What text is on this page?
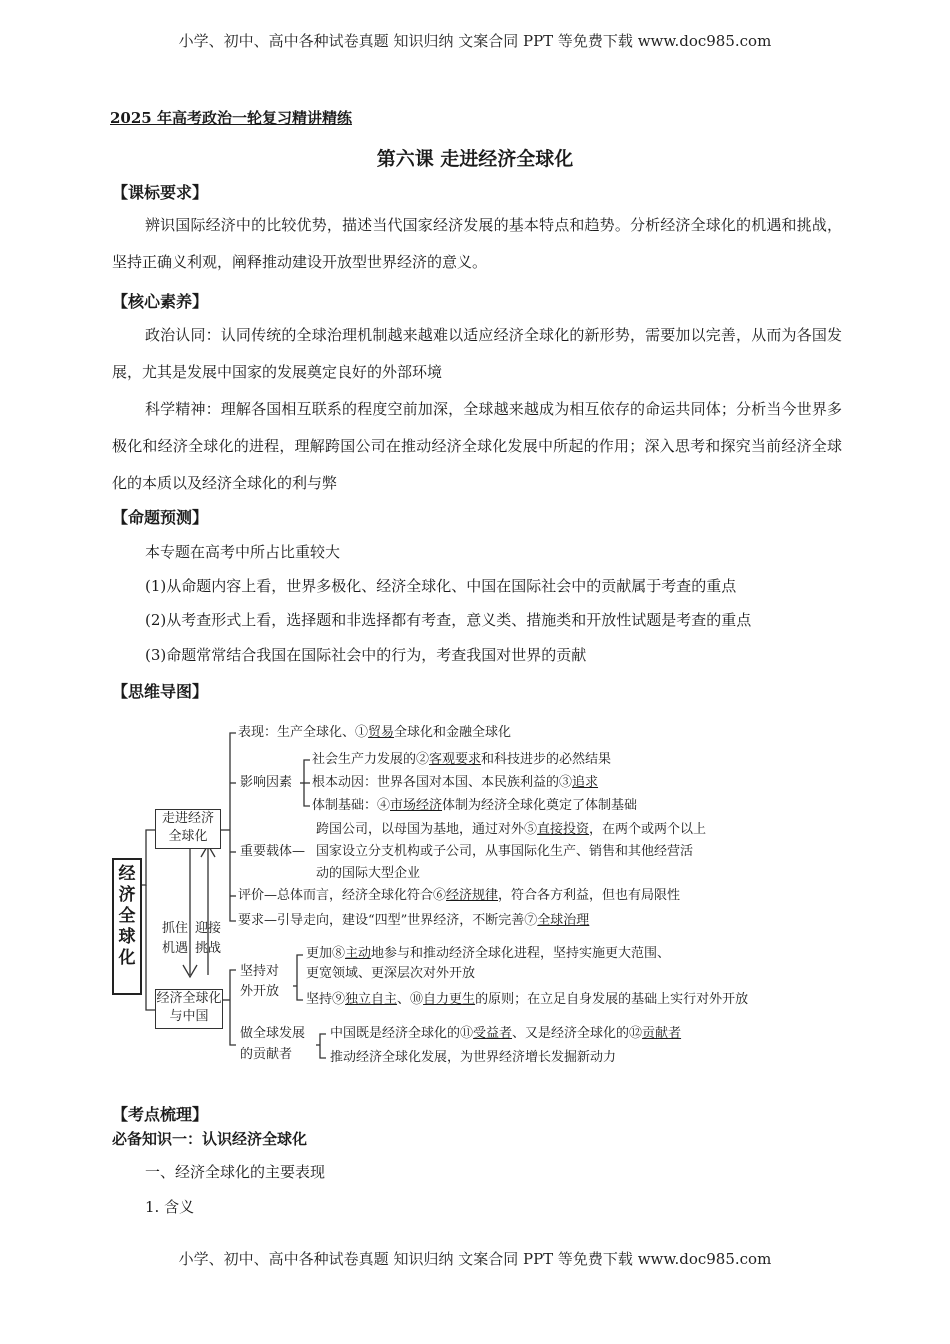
小学、初中、高中各种试卷真题 知识归纳 文案合同 PPT 等免费下载 www.doc985.com
2025 年高考政治一轮复习精讲精练
第六课 走进经济全球化
【课标要求】
辨识国际经济中的比较优势，描述当代国家经济发展的基本特点和趋势。分析经济全球化的机遇和挑战，坚持正确义利观，阐释推动建设开放型世界经济的意义。
【核心素养】
政治认同：认同传统的全球治理机制越来越难以适应经济全球化的新形势，需要加以完善，从而为各国发展，尤其是发展中国家的发展奠定良好的外部环境
科学精神：理解各国相互联系的程度空前加深，全球越来越成为相互依存的命运共同体；分析当今世界多极化和经济全球化的进程，理解跨国公司在推动经济全球化发展中所起的作用；深入思考和探究当前经济全球化的本质以及经济全球化的利与弊
【命题预测】
本专题在高考中所占比重较大
(1)从命题内容上看，世界多极化、经济全球化、中国在国际社会中的贡献属于考查的重点
(2)从考查形式上看，选择题和非选择都有考查，意义类、措施类和开放性试题是考查的重点
(3)命题常常结合我国在国际社会中的行为，考查我国对世界的贡献
【思维导图】
经济全球化
走进经济全球化
经济全球化与中国
抓住机遇
迎接挑战
表现：生产全球化、①贸易全球化和金融全球化
影响因素
社会生产力发展的②客观要求和科技进步的必然结果
根本动因：世界各国对本国、本民族利益的③追求
体制基础：④市场经济体制为经济全球化奠定了体制基础
重要载体—
跨国公司，以母国为基地，通过对外⑤直接投资，在两个或两个以上
国家设立分支机构或子公司，从事国际化生产、销售和其他经营活
动的国际大型企业
评价—总体而言，经济全球化符合⑥经济规律，符合各方利益，但也有局限性
要求—引导走向，建设“四型”世界经济，不断完善⑦全球治理
坚持对外开放
更加⑧主动地参与和推动经济全球化进程，坚持实施更大范围、
更宽领域、更深层次对外开放
坚持⑨独立自主、⑩自力更生的原则；在立足自身发展的基础上实行对外开放
做全球发展
的贡献者
中国既是经济全球化的⑪受益者、又是经济全球化的⑫贡献者
推动经济全球化发展，为世界经济增长发掘新动力
【考点梳理】
必备知识一：认识经济全球化
一、经济全球化的主要表现
1. 含义
小学、初中、高中各种试卷真题 知识归纳 文案合同 PPT 等免费下载 www.doc985.com
